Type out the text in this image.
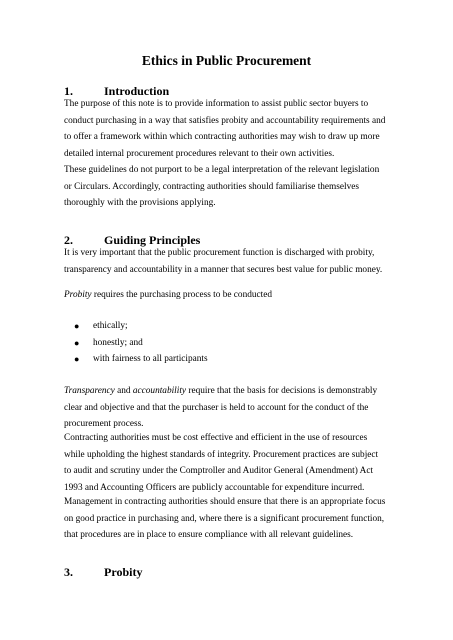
Ethics in Public Procurement
1.	Introduction
The purpose of this note is to provide information to assist public sector buyers to
conduct purchasing in a way that satisfies probity and accountability requirements and
to offer a framework within which contracting authorities may wish to draw up more
detailed internal procurement procedures relevant to their own activities.
These guidelines do not purport to be a legal interpretation of the relevant legislation
or Circulars. Accordingly, contracting authorities should familiarise themselves
thoroughly with the provisions applying.
2.	Guiding Principles
It is very important that the public procurement function is discharged with probity,
transparency and accountability in a manner that secures best value for public money.
Probity requires the purchasing process to be conducted
● ethically;
● honestly; and
● with fairness to all participants
Transparency and accountability require that the basis for decisions is demonstrably
clear and objective and that the purchaser is held to account for the conduct of the
procurement process.
Contracting authorities must be cost effective and efficient in the use of resources
while upholding the highest standards of integrity. Procurement practices are subject
to audit and scrutiny under the Comptroller and Auditor General (Amendment) Act
1993 and Accounting Officers are publicly accountable for expenditure incurred.
Management in contracting authorities should ensure that there is an appropriate focus
on good practice in purchasing and, where there is a significant procurement function,
that procedures are in place to ensure compliance with all relevant guidelines.
3.	Probity
